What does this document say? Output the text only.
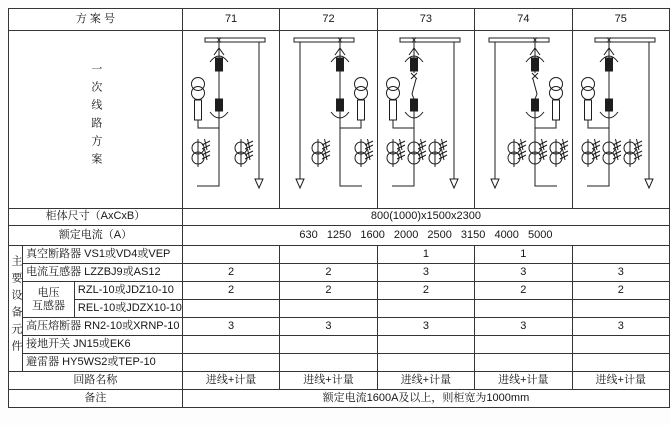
方 案 号			71	72	73	74	75
一次线路方案	

柜体尺寸（AxCxB）			800(1000)x1500x2300				
额定电流（A）			630 1250 1600 2000 2500 3150 4000 5000				
主要设备元件	真空断路器 VS1或VD4或VEP				1	1	
	电流互感器 LZZBJ9或AS12		2	2	3	3	3

	电压
互感器	RZL-10或JDZ10-10	2	2	2	2	2
		REL-10或JDZX10-10					
	高压熔断器 RN2-10或XRNP-10		3	3	3	3	3
	接地开关 JN15或EK6						
	避雷器 HY5WS2或TEP-10						
回路名称			进线+计量	进线+计量	进线+计量	进线+计量	进线+计量
备注			额定电流1600A及以上，则柜宽为1000mm				
